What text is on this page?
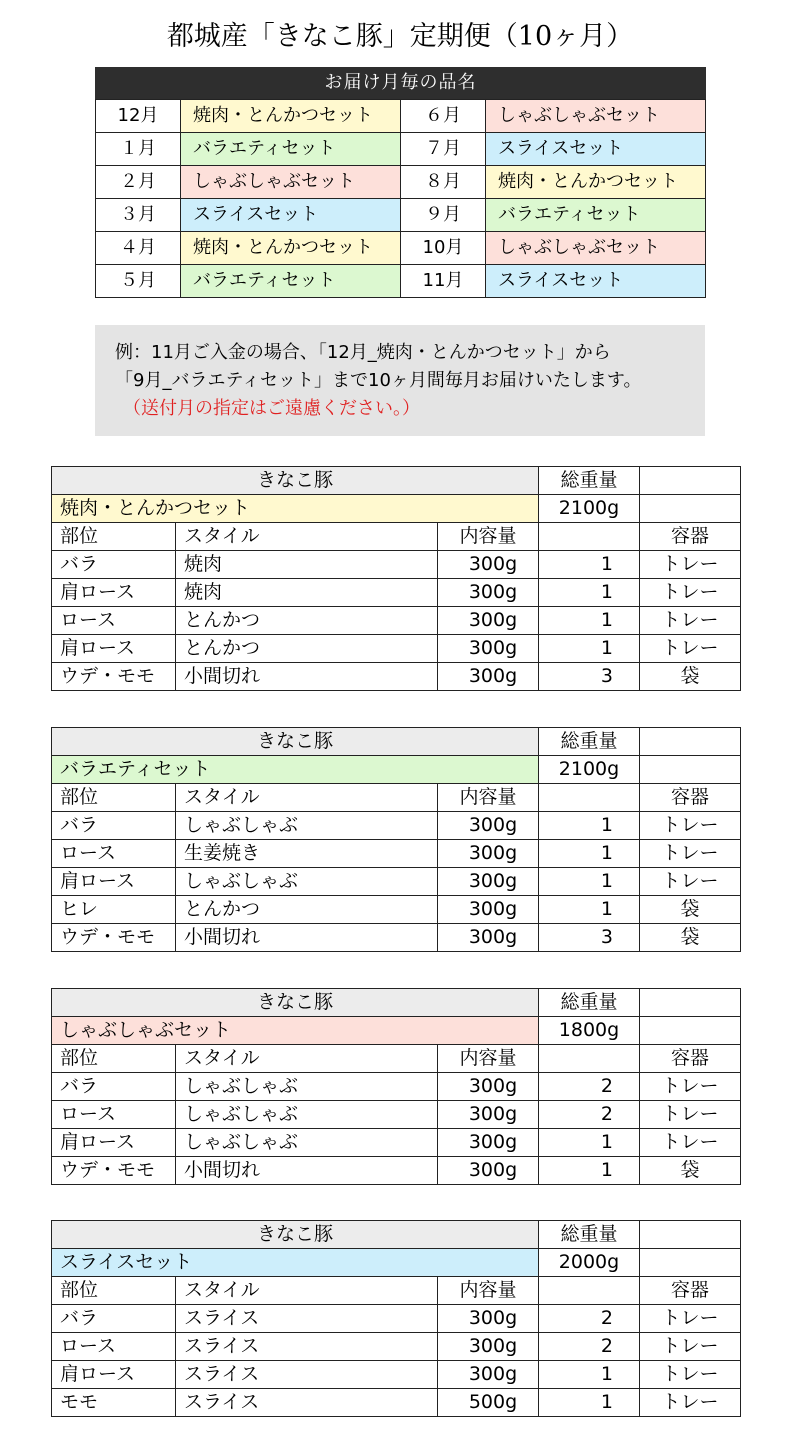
都城産「きなこ豚」定期便（10ヶ月）
お届け月毎の品名
12月	焼肉・とんかつセット	６月	しゃぶしゃぶセット
１月	バラエティセット	７月	スライスセット
２月	しゃぶしゃぶセット	８月	焼肉・とんかつセット
３月	スライスセット	９月	バラエティセット
４月	焼肉・とんかつセット	10月	しゃぶしゃぶセット
５月	バラエティセット	11月	スライスセット
例：11月ご入金の場合、「12月_焼肉・とんかつセット」から
「9月_バラエティセット」まで10ヶ月間毎月お届けいたします。
（送付月の指定はご遠慮ください。）
きなこ豚			総重量	
焼肉・とんかつセット			2100g	
部位	スタイル	内容量		容器
バラ	焼肉	300g	1	トレー
肩ロース	焼肉	300g	1	トレー
ロース	とんかつ	300g	1	トレー
肩ロース	とんかつ	300g	1	トレー
ウデ・モモ	小間切れ	300g	3	袋
きなこ豚			総重量	
バラエティセット			2100g	
部位	スタイル	内容量		容器
バラ	しゃぶしゃぶ	300g	1	トレー
ロース	生姜焼き	300g	1	トレー
肩ロース	しゃぶしゃぶ	300g	1	トレー
ヒレ	とんかつ	300g	1	袋
ウデ・モモ	小間切れ	300g	3	袋
きなこ豚			総重量	
しゃぶしゃぶセット			1800g	
部位	スタイル	内容量		容器
バラ	しゃぶしゃぶ	300g	2	トレー
ロース	しゃぶしゃぶ	300g	2	トレー
肩ロース	しゃぶしゃぶ	300g	1	トレー
ウデ・モモ	小間切れ	300g	1	袋
きなこ豚			総重量	
スライスセット			2000g	
部位	スタイル	内容量		容器
バラ	スライス	300g	2	トレー
ロース	スライス	300g	2	トレー
肩ロース	スライス	300g	1	トレー
モモ	スライス	500g	1	トレー
